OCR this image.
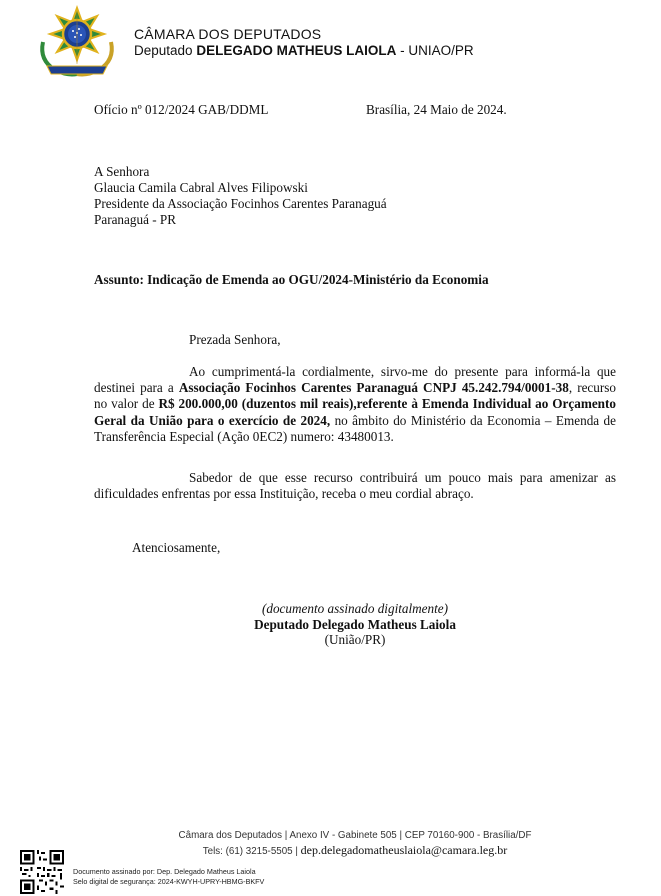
CÂMARA DOS DEPUTADOS
Deputado DELEGADO MATHEUS LAIOLA - UNIAO/PR
Ofício nº 012/2024 GAB/DDML	Brasília, 24 Maio de 2024.
A Senhora
Glaucia Camila Cabral Alves Filipowski
Presidente da Associação Focinhos Carentes Paranaguá
Paranaguá - PR
Assunto: Indicação de Emenda ao OGU/2024-Ministério da Economia
Prezada Senhora,
Ao cumprimentá-la cordialmente, sirvo-me do presente para informá-la que destinei para a Associação Focinhos Carentes Paranaguá CNPJ 45.242.794/0001-38, recurso no valor de R$ 200.000,00 (duzentos mil reais),referente à Emenda Individual ao Orçamento Geral da União para o exercício de 2024, no âmbito do Ministério da Economia – Emenda de Transferência Especial (Ação 0EC2) numero: 43480013.
Sabedor de que esse recurso contribuirá um pouco mais para amenizar as dificuldades enfrentas por essa Instituição, receba o meu cordial abraço.
Atenciosamente,
(documento assinado digitalmente)
Deputado Delegado Matheus Laiola
(União/PR)
Câmara dos Deputados | Anexo IV - Gabinete 505 | CEP 70160-900 - Brasília/DF
Tels: (61) 3215-5505 | dep.delegadomatheuslaiola@camara.leg.br
Documento assinado por: Dep. Delegado Matheus Laiola
Selo digital de segurança: 2024-KWYH-UPRY-HBMG-BKFV
